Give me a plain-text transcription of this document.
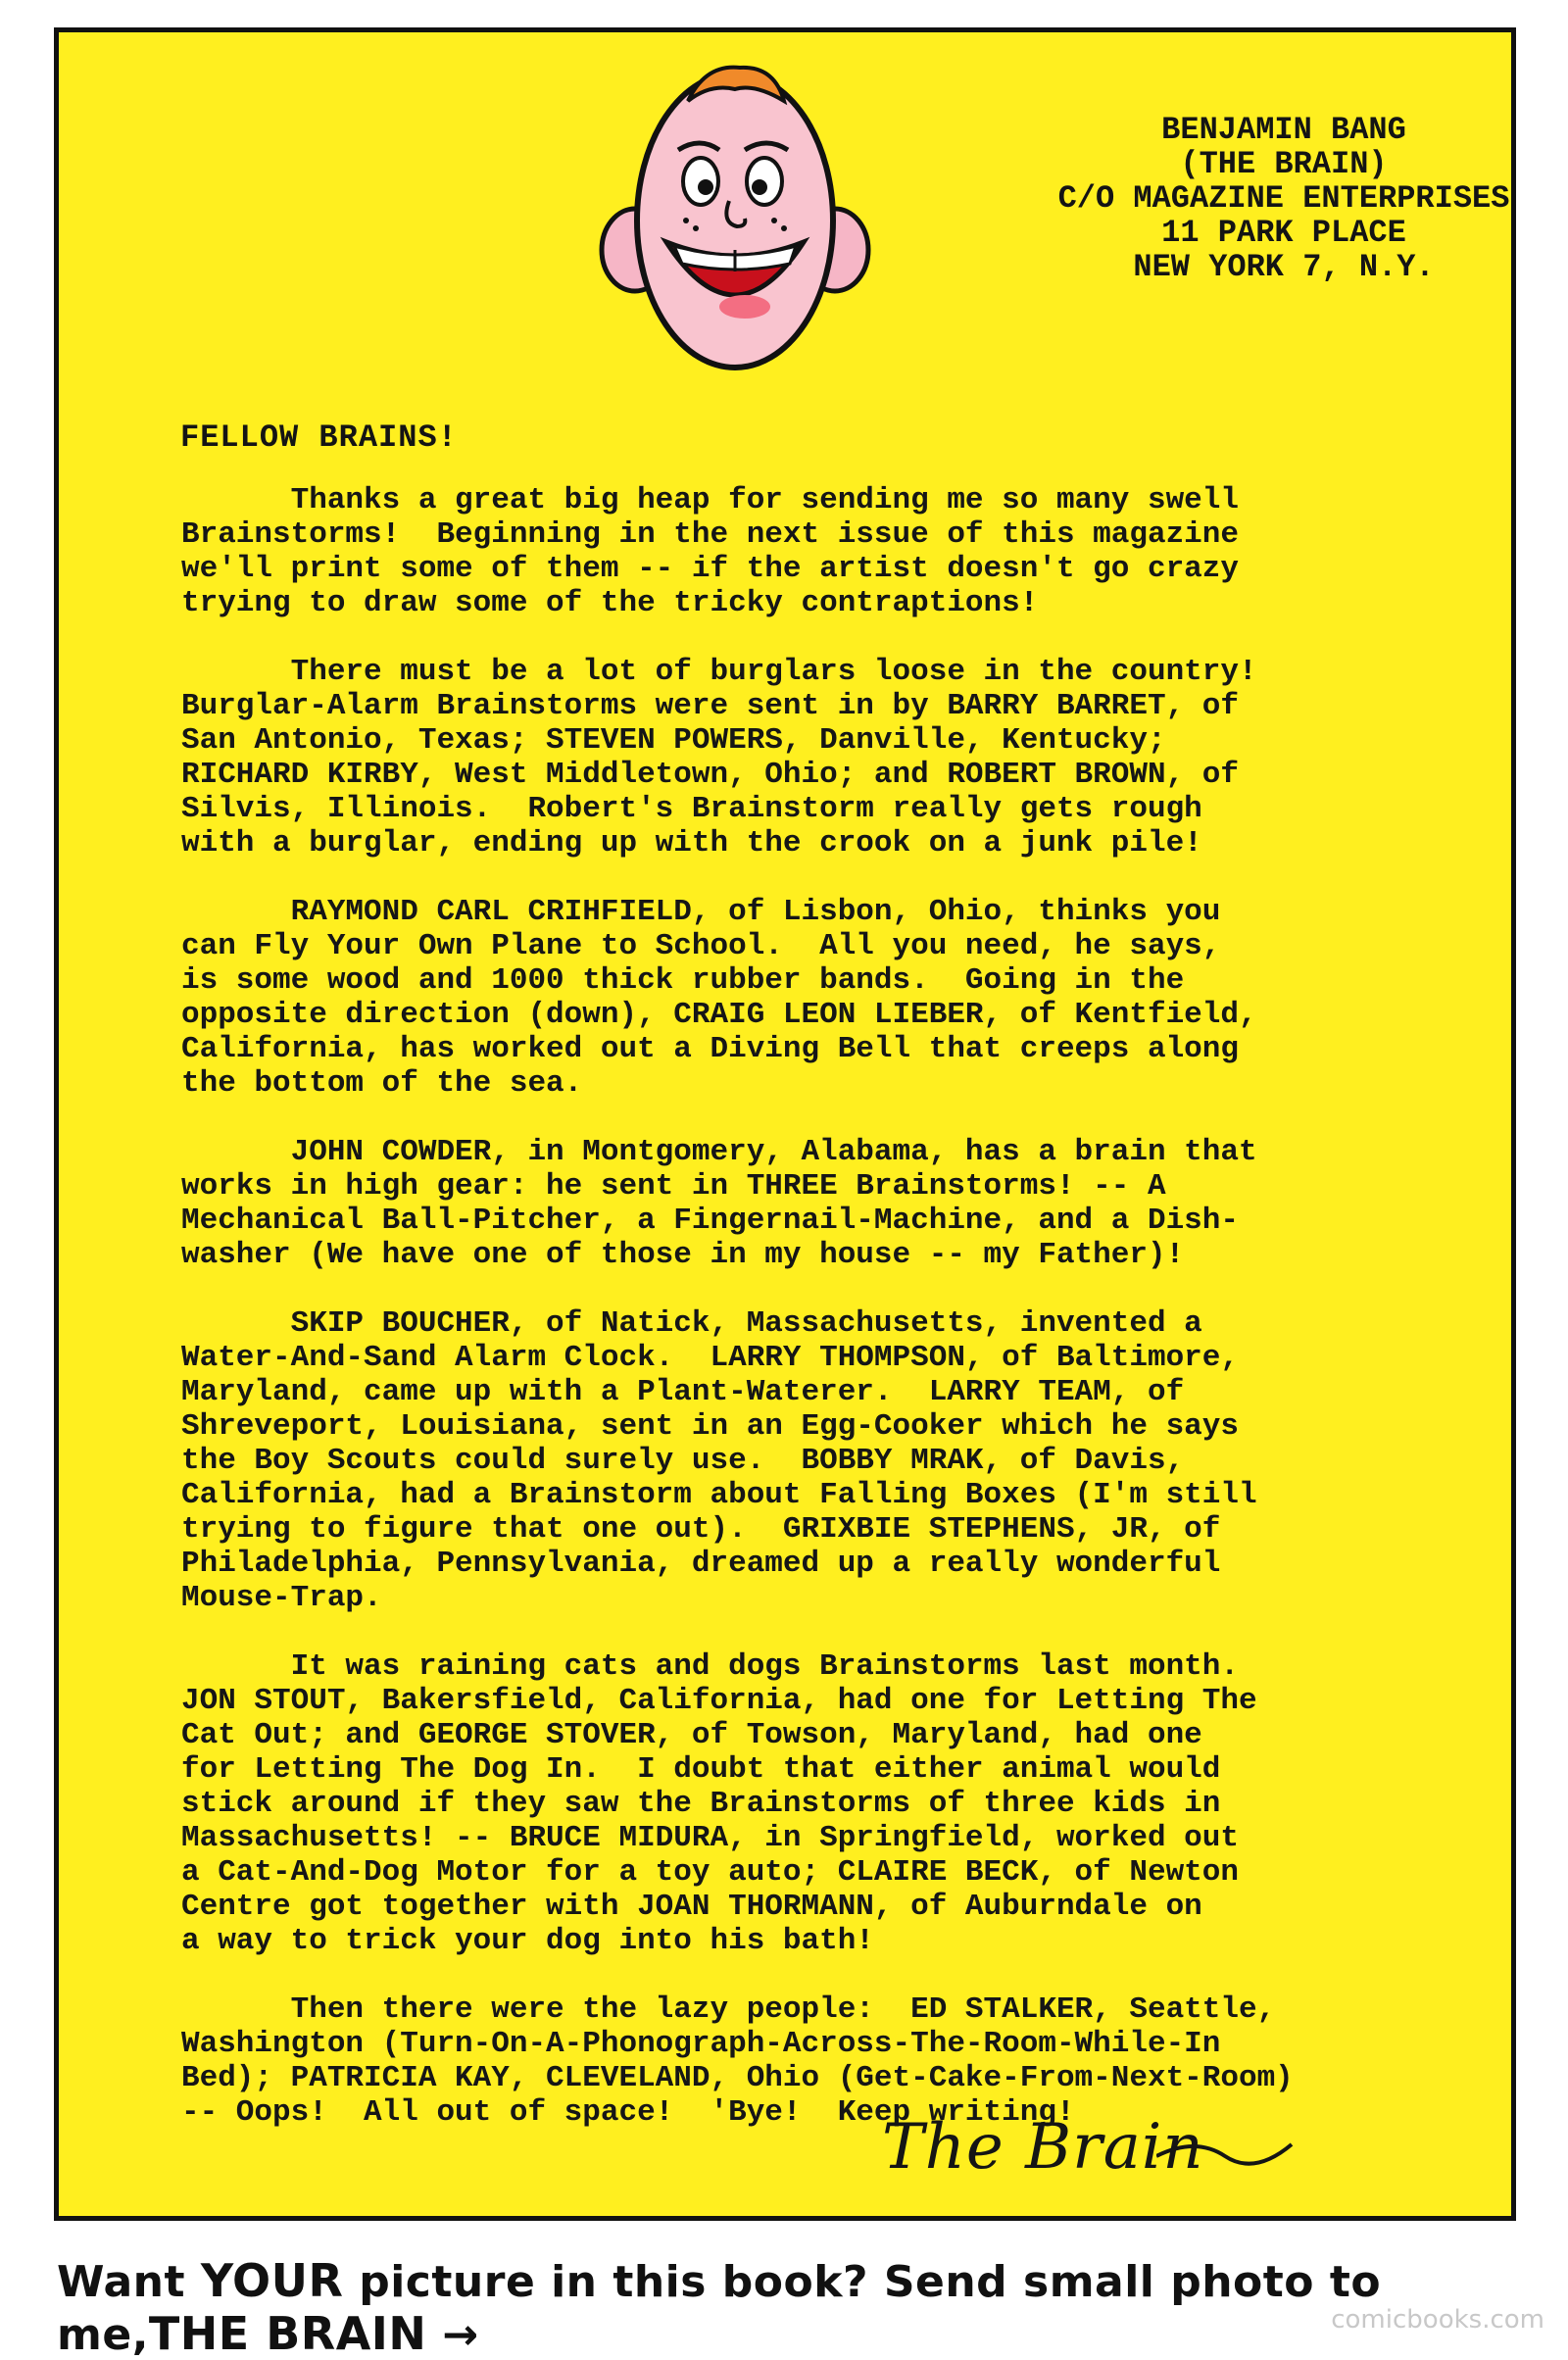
BENJAMIN BANG
(THE BRAIN)
C/O MAGAZINE ENTERPRISES
11 PARK PLACE
NEW YORK 7, N.Y.
FELLOW BRAINS!

Thanks a great big heap for sending me so many swell
Brainstorms!  Beginning in the next issue of this magazine
we'll print some of them -- if the artist doesn't go crazy
trying to draw some of the tricky contraptions!

There must be a lot of burglars loose in the country!
Burglar-Alarm Brainstorms were sent in by BARRY BARRET, of
San Antonio, Texas; STEVEN POWERS, Danville, Kentucky;
RICHARD KIRBY, West Middletown, Ohio; and ROBERT BROWN, of
Silvis, Illinois.  Robert's Brainstorm really gets rough
with a burglar, ending up with the crook on a junk pile!

RAYMOND CARL CRIHFIELD, of Lisbon, Ohio, thinks you
can Fly Your Own Plane to School.  All you need, he says,
is some wood and 1000 thick rubber bands.  Going in the
opposite direction (down), CRAIG LEON LIEBER, of Kentfield,
California, has worked out a Diving Bell that creeps along
the bottom of the sea.

JOHN COWDER, in Montgomery, Alabama, has a brain that
works in high gear: he sent in THREE Brainstorms! -- A
Mechanical Ball-Pitcher, a Fingernail-Machine, and a Dish-
washer (We have one of those in my house -- my Father)!

SKIP BOUCHER, of Natick, Massachusetts, invented a
Water-And-Sand Alarm Clock.  LARRY THOMPSON, of Baltimore,
Maryland, came up with a Plant-Waterer.  LARRY TEAM, of
Shreveport, Louisiana, sent in an Egg-Cooker which he says
the Boy Scouts could surely use.  BOBBY MRAK, of Davis,
California, had a Brainstorm about Falling Boxes (I'm still
trying to figure that one out).  GRIXBIE STEPHENS, JR, of
Philadelphia, Pennsylvania, dreamed up a really wonderful
Mouse-Trap.

It was raining cats and dogs Brainstorms last month.
JON STOUT, Bakersfield, California, had one for Letting The
Cat Out; and GEORGE STOVER, of Towson, Maryland, had one
for Letting The Dog In.  I doubt that either animal would
stick around if they saw the Brainstorms of three kids in
Massachusetts! -- BRUCE MIDURA, in Springfield, worked out
a Cat-And-Dog Motor for a toy auto; CLAIRE BECK, of Newton
Centre got together with JOAN THORMANN, of Auburndale on
a way to trick your dog into his bath!

Then there were the lazy people:  ED STALKER, Seattle,
Washington (Turn-On-A-Phonograph-Across-The-Room-While-In
Bed); PATRICIA KAY, CLEVELAND, Ohio (Get-Cake-From-Next-Room)
-- Oops!  All out of space!  'Bye!  Keep writing!

The Brain
Want YOUR picture in this book? Send small photo to me,THE BRAIN →	comicbooks.com
